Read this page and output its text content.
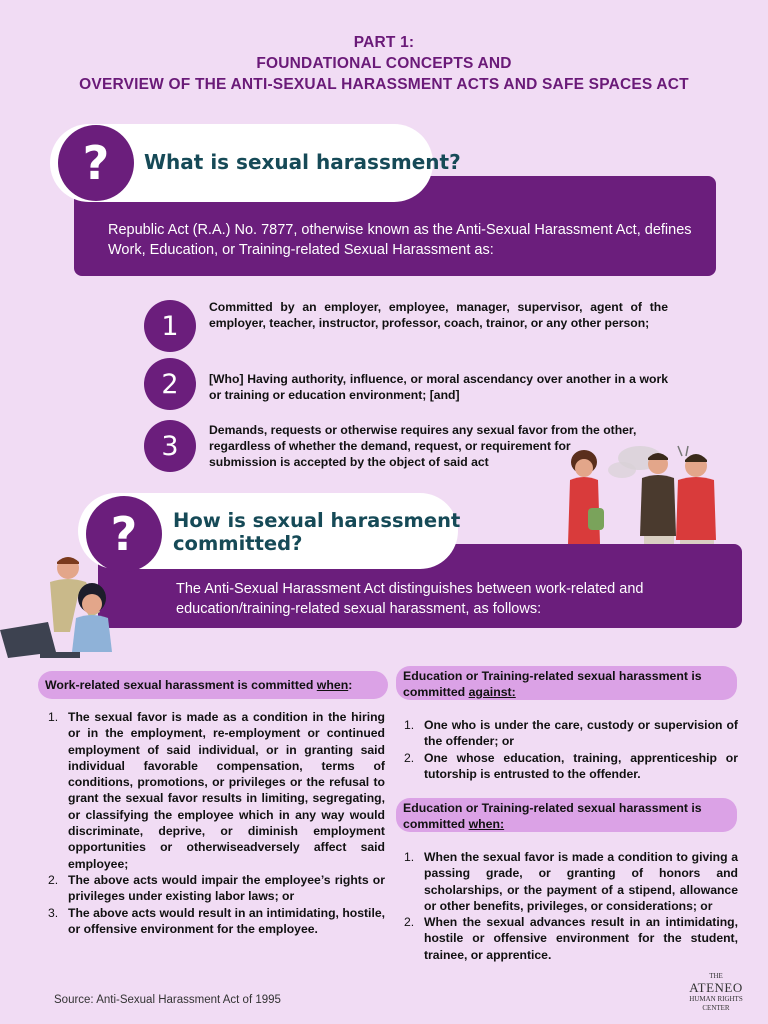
PART 1:
FOUNDATIONAL CONCEPTS AND
OVERVIEW OF THE ANTI-SEXUAL HARASSMENT ACTS AND SAFE SPACES ACT
Republic Act (R.A.) No. 7877, otherwise known as the Anti-Sexual Harassment Act, defines Work, Education, or Training-related Sexual Harassment as:
?	What is sexual harassment?
1
Committed by an employer, employee, manager, supervisor, agent of the employer, teacher, instructor, professor, coach, trainor, or any other person;
2	[Who] Having authority, influence, or moral ascendancy over another in a work or training or education environment; [and]
3
Demands, requests or otherwise requires any sexual favor from the other, regardless of whether the demand, request, or requirement for submission is accepted by the object of said act
The Anti-Sexual Harassment Act distinguishes between work-related and education/training-related sexual harassment, as follows:
?	How is sexual harassment
committed?
Work-related sexual harassment is committed when:
1. The sexual favor is made as a condition in the hiring or in the employment, re-employment or continued employment of said individual, or in granting said individual favorable compensation, terms of conditions, promotions, or privileges or the refusal to grant the sexual favor results in limiting, segregating, or classifying the employee which in any way would discriminate, deprive, or diminish employment opportunities or otherwiseadversely affect said employee;
2. The above acts would impair the employee’s rights or privileges under existing labor laws; or
3. The above acts would result in an intimidating, hostile, or offensive environment for the employee.
Education or Training-related sexual harassment is
committed against:
1. One who is under the care, custody or supervision of the offender; or
2. One whose education, training, apprenticeship or tutorship is entrusted to the offender.
Education or Training-related sexual harassment is
committed when:
1. When the sexual favor is made a condition to giving a passing grade, or granting of honors and scholarships, or the payment of a stipend, allowance or other benefits, privileges, or considerations; or
2. When the sexual advances result in an intimidating, hostile or offensive environment for the student, trainee, or apprentice.
Source: Anti-Sexual Harassment Act of 1995
THE
ATENEO
HUMAN RIGHTS
CENTER
